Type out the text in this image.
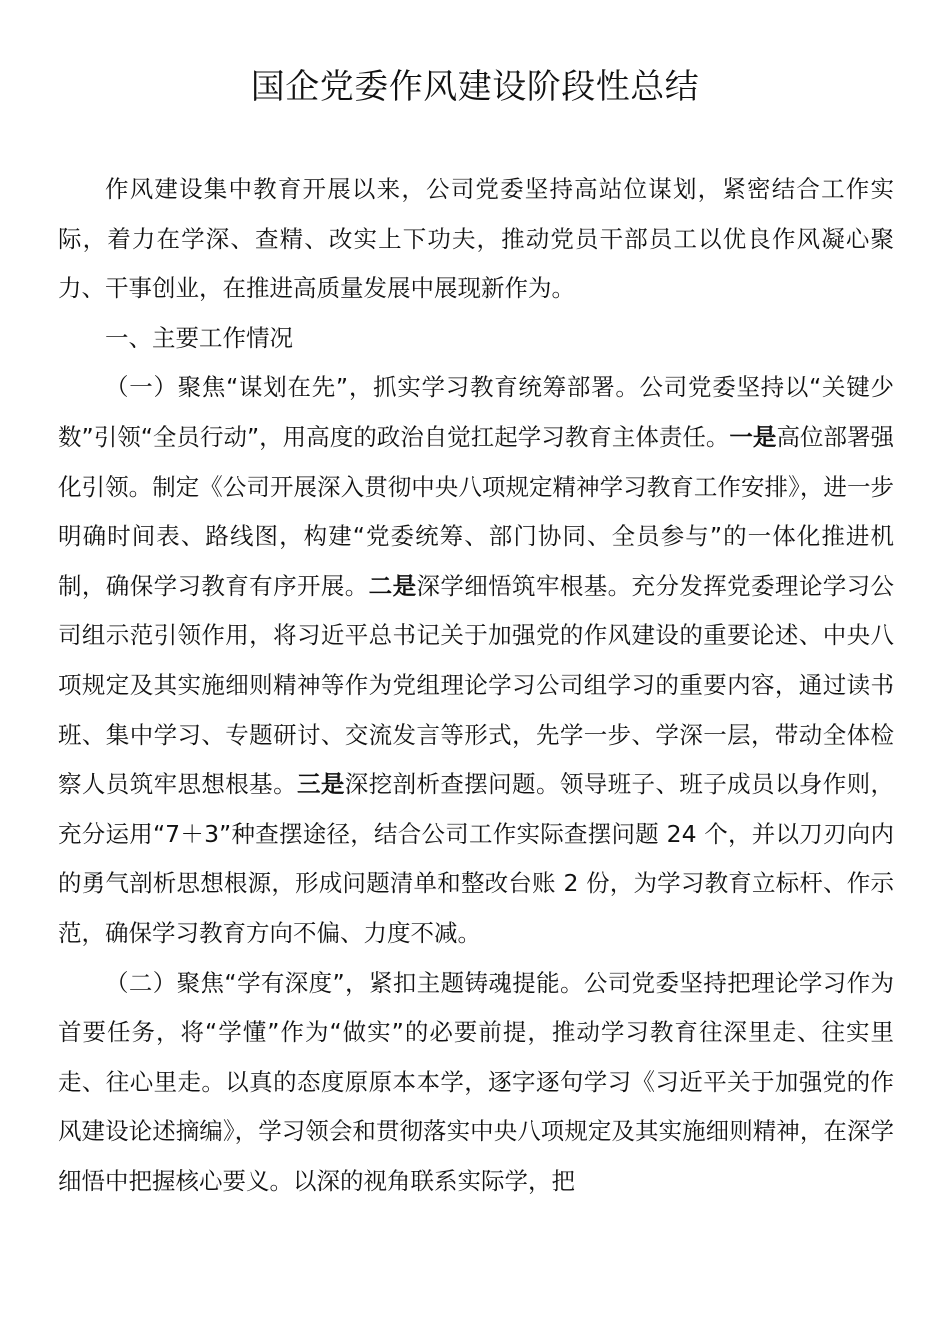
国企党委作风建设阶段性总结

作风建设集中教育开展以来，公司党委坚持高站位谋划，紧密结合工作实际，着力在学深、查精、改实上下功夫，推动党员干部员工以优良作风凝心聚力、干事创业，在推进高质量发展中展现新作为。

一、主要工作情况

（一）聚焦“谋划在先”，抓实学习教育统筹部署。公司党委坚持以“关键少数”引领“全员行动”，用高度的政治自觉扛起学习教育主体责任。一是高位部署强化引领。制定《公司开展深入贯彻中央八项规定精神学习教育工作安排》，进一步明确时间表、路线图，构建“党委统筹、部门协同、全员参与”的一体化推进机制，确保学习教育有序开展。二是深学细悟筑牢根基。充分发挥党委理论学习公司组示范引领作用，将习近平总书记关于加强党的作风建设的重要论述、中央八项规定及其实施细则精神等作为党组理论学习公司组学习的重要内容，通过读书班、集中学习、专题研讨、交流发言等形式，先学一步、学深一层，带动全体检察人员筑牢思想根基。三是深挖剖析查摆问题。领导班子、班子成员以身作则，充分运用“7＋3”种查摆途径，结合公司工作实际查摆问题 24 个，并以刀刃向内的勇气剖析思想根源，形成问题清单和整改台账 2 份，为学习教育立标杆、作示范，确保学习教育方向不偏、力度不减。

（二）聚焦“学有深度”，紧扣主题铸魂提能。公司党委坚持把理论学习作为首要任务，将“学懂”作为“做实”的必要前提，推动学习教育往深里走、往实里走、往心里走。以真的态度原原本本学，逐字逐句学习《习近平关于加强党的作风建设论述摘编》，学习领会和贯彻落实中央八项规定及其实施细则精神，在深学细悟中把握核心要义。以深的视角联系实际学，把
